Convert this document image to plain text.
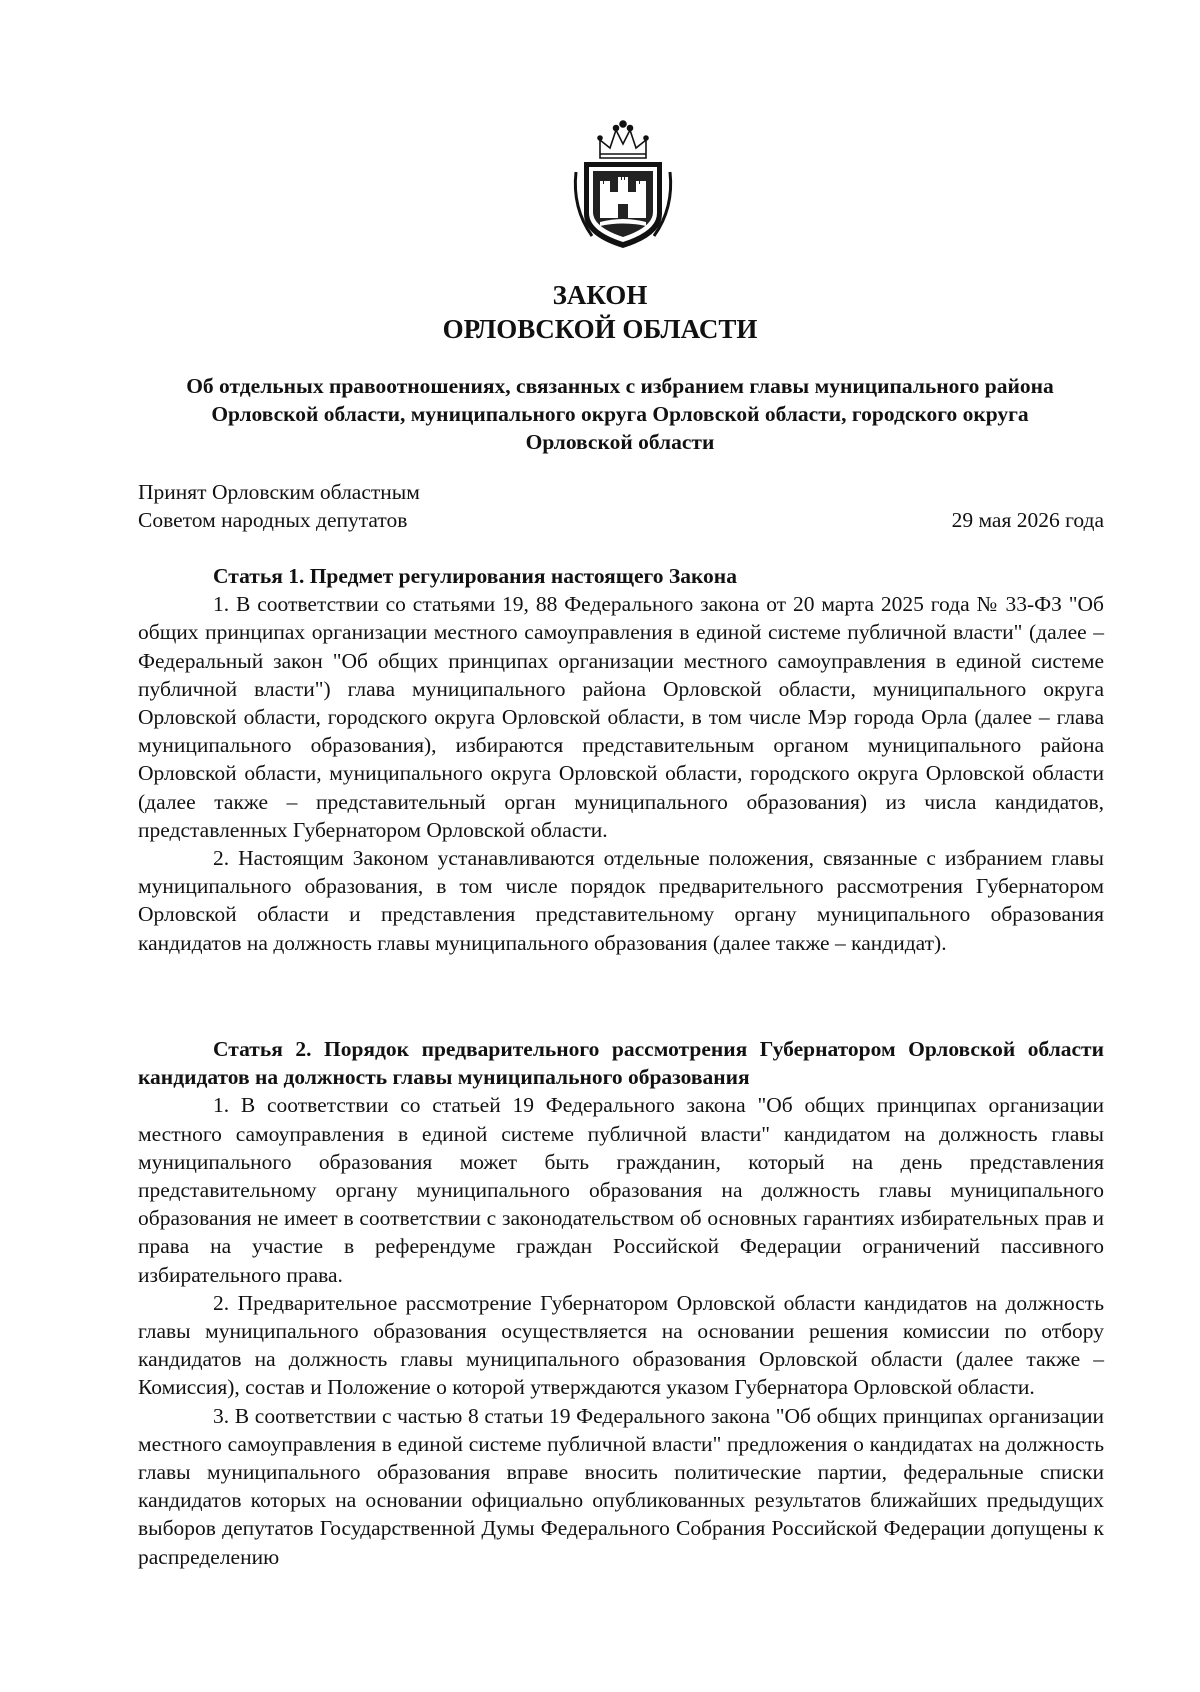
ЗАКОН
ОРЛОВСКОЙ ОБЛАСТИ
Об отдельных правоотношениях, связанных с избранием главы муниципального района Орловской области, муниципального округа Орловской области, городского округа Орловской области
Принят Орловским областным
Советом народных депутатов	29 мая 2026 года

Статья 1. Предмет регулирования настоящего Закона

1. В соответствии со статьями 19, 88 Федерального закона от 20 марта 2025 года № 33-ФЗ "Об общих принципах организации местного самоуправления в единой системе публичной власти" (далее – Федеральный закон "Об общих принципах организации местного самоуправления в единой системе публичной власти") глава муниципального района Орловской области, муниципального округа Орловской области, городского округа Орловской области, в том числе Мэр города Орла (далее – глава муниципального образования), избираются представительным органом муниципального района Орловской области, муниципального округа Орловской области, городского округа Орловской области (далее также – представительный орган муниципального образования) из числа кандидатов, представленных Губернатором Орловской области.

2. Настоящим Законом устанавливаются отдельные положения, связанные с избранием главы муниципального образования, в том числе порядок предварительного рассмотрения Губернатором Орловской области и представления представительному органу муниципального образования кандидатов на должность главы муниципального образования (далее также – кандидат).

Статья 2. Порядок предварительного рассмотрения Губернатором Орловской области кандидатов на должность главы муниципального образования

1. В соответствии со статьей 19 Федерального закона "Об общих принципах организации местного самоуправления в единой системе публичной власти" кандидатом на должность главы муниципального образования может быть гражданин, который на день представления представительному органу муниципального образования на должность главы муниципального образования не имеет в соответствии с законодательством об основных гарантиях избирательных прав и права на участие в референдуме граждан Российской Федерации ограничений пассивного избирательного права.

2. Предварительное рассмотрение Губернатором Орловской области кандидатов на должность главы муниципального образования осуществляется на основании решения комиссии по отбору кандидатов на должность главы муниципального образования Орловской области (далее также – Комиссия), состав и Положение о которой утверждаются указом Губернатора Орловской области.

3. В соответствии с частью 8 статьи 19 Федерального закона "Об общих принципах организации местного самоуправления в единой системе публичной власти" предложения о кандидатах на должность главы муниципального образования вправе вносить политические партии, федеральные списки кандидатов которых на основании официально опубликованных результатов ближайших предыдущих выборов депутатов Государственной Думы Федерального Собрания Российской Федерации допущены к распределению
